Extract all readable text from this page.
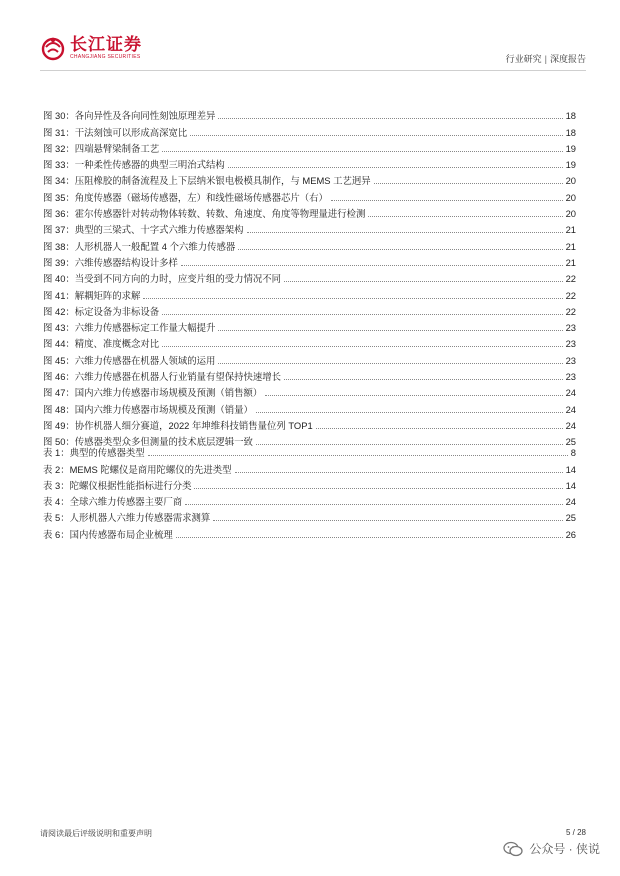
长江证券
CHANGJIANG SECURITIES	行业研究 | 深度报告
图 30：各向异性及各向同性刻蚀原理差异	18
图 31：干法刻蚀可以形成高深宽比	18
图 32：四端悬臂梁制备工艺	19
图 33：一种柔性传感器的典型三明治式结构	19
图 34：压阻橡胶的制备流程及上下层纳米银电极模具制作，与 MEMS 工艺迥异	20
图 35：角度传感器（磁场传感器，左）和线性磁场传感器芯片（右）	20
图 36：霍尔传感器针对转动物体转数、转数、角速度、角度等物理量进行检测	20
图 37：典型的三梁式、十字式六维力传感器架构	21
图 38：人形机器人一般配置 4 个六维力传感器	21
图 39：六维传感器结构设计多样	21
图 40：当受到不同方向的力时，应变片组的受力情况不同	22
图 41：解耦矩阵的求解	22
图 42：标定设备为非标设备	22
图 43：六维力传感器标定工作量大幅提升	23
图 44：精度、准度概念对比	23
图 45：六维力传感器在机器人领域的运用	23
图 46：六维力传感器在机器人行业销量有望保持快速增长	23
图 47：国内六维力传感器市场规模及预测（销售额）	24
图 48：国内六维力传感器市场规模及预测（销量）	24
图 49：协作机器人细分赛道，2022 年坤维科技销售量位列 TOP1	24
图 50：传感器类型众多但测量的技术底层逻辑一致	25
表 1：典型的传感器类型	8
表 2：MEMS 陀螺仪是商用陀螺仪的先进类型	14
表 3：陀螺仪根据性能指标进行分类	14
表 4：全球六维力传感器主要厂商	24
表 5：人形机器人六维力传感器需求测算	25
表 6：国内传感器布局企业梳理	26
请阅读最后评级说明和重要声明	5 / 28
公众号 · 侠说
